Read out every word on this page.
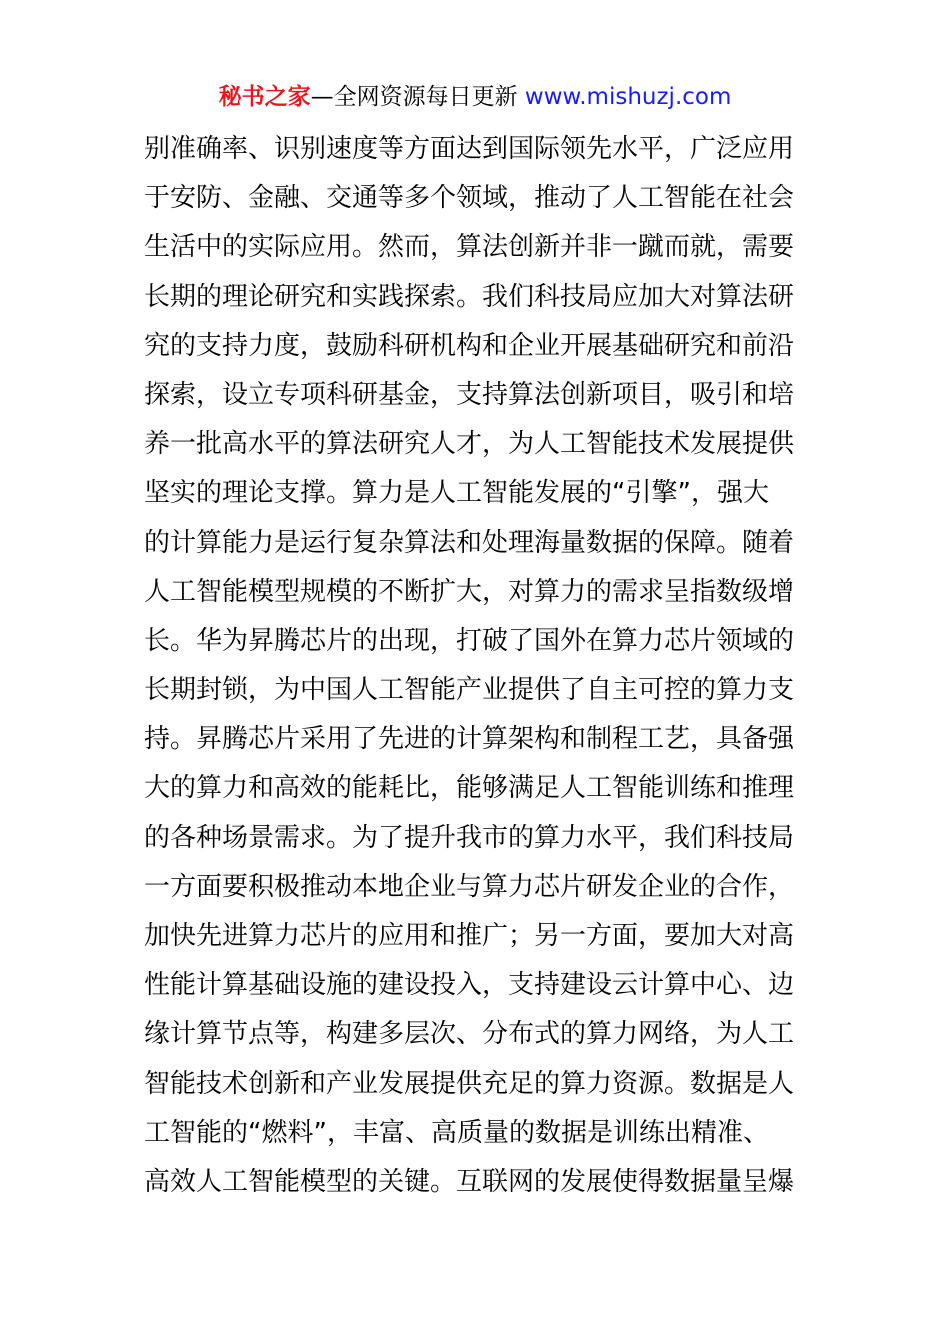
秘书之家—全网资源每日更新 www.mishuzj.com
别准确率、识别速度等方面达到国际领先水平，广泛应用
于安防、金融、交通等多个领域，推动了人工智能在社会
生活中的实际应用。然而，算法创新并非一蹴而就，需要
长期的理论研究和实践探索。我们科技局应加大对算法研
究的支持力度，鼓励科研机构和企业开展基础研究和前沿
探索，设立专项科研基金，支持算法创新项目，吸引和培
养一批高水平的算法研究人才，为人工智能技术发展提供
坚实的理论支撑。算力是人工智能发展的“引擎”，强大
的计算能力是运行复杂算法和处理海量数据的保障。随着
人工智能模型规模的不断扩大，对算力的需求呈指数级增
长。华为昇腾芯片的出现，打破了国外在算力芯片领域的
长期封锁，为中国人工智能产业提供了自主可控的算力支
持。昇腾芯片采用了先进的计算架构和制程工艺，具备强
大的算力和高效的能耗比，能够满足人工智能训练和推理
的各种场景需求。为了提升我市的算力水平，我们科技局
一方面要积极推动本地企业与算力芯片研发企业的合作，
加快先进算力芯片的应用和推广；另一方面，要加大对高
性能计算基础设施的建设投入，支持建设云计算中心、边
缘计算节点等，构建多层次、分布式的算力网络，为人工
智能技术创新和产业发展提供充足的算力资源。数据是人
工智能的“燃料”，丰富、高质量的数据是训练出精准、
高效人工智能模型的关键。互联网的发展使得数据量呈爆
